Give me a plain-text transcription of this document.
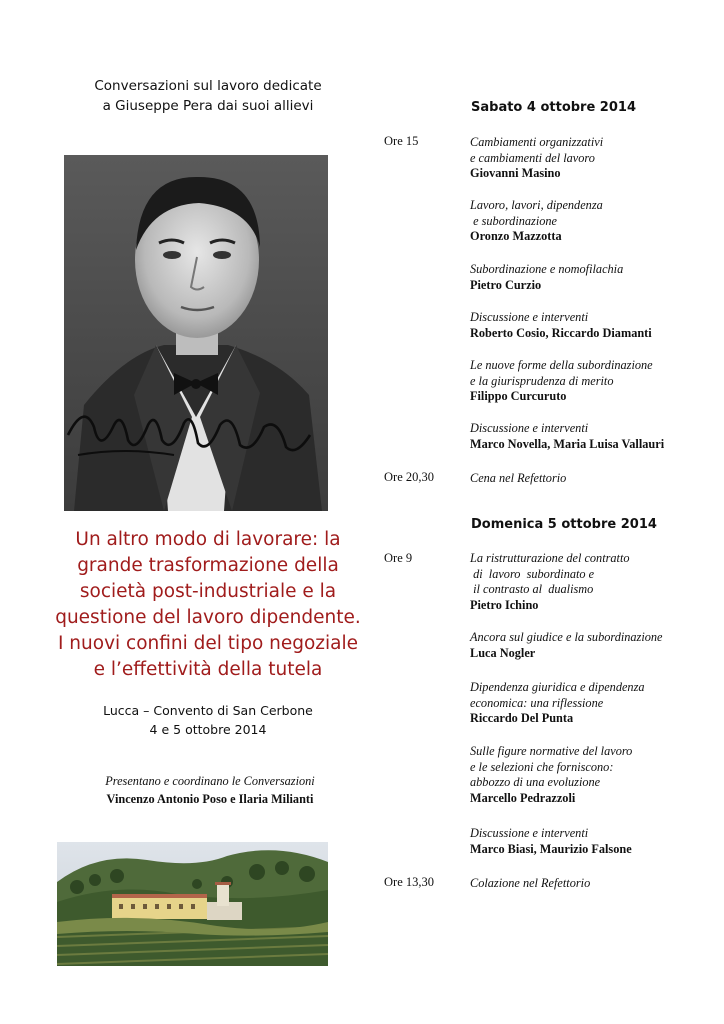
Conversazioni sul lavoro dedicate
a Giuseppe Pera dai suoi allievi
Un altro modo di lavorare: la
grande trasformazione della
società post-industriale e la
questione del lavoro dipendente.
I nuovi confini del tipo negoziale
e l’effettività della tutela
Lucca – Convento di San Cerbone
4 e 5 ottobre 2014
Presentano e coordinano le Conversazioni
Vincenzo Antonio Poso e Ilaria Milianti
Sabato 4 ottobre 2014
Ore 15	Cambiamenti organizzativi
e cambiamenti del lavoro
Giovanni Masino
Lavoro, lavori, dipendenza
e subordinazione
Oronzo Mazzotta
Subordinazione e nomofilachia
Pietro Curzio
Discussione e interventi
Roberto Cosio, Riccardo Diamanti
Le nuove forme della subordinazione
e la giurisprudenza di merito
Filippo Curcuruto
Discussione e interventi
Marco Novella, Maria Luisa Vallauri
Ore 20,30	Cena nel Refettorio
Domenica 5 ottobre 2014
Ore 9	La ristrutturazione del contratto
di  lavoro  subordinato e
il contrasto al  dualismo
Pietro Ichino
Ancora sul giudice e la subordinazione
Luca Nogler
Dipendenza giuridica e dipendenza
economica: una riflessione
Riccardo Del Punta
Sulle figure normative del lavoro
e le selezioni che forniscono:
abbozzo di una evoluzione
Marcello Pedrazzoli
Discussione e interventi
Marco Biasi, Maurizio Falsone
Ore 13,30	Colazione nel Refettorio
